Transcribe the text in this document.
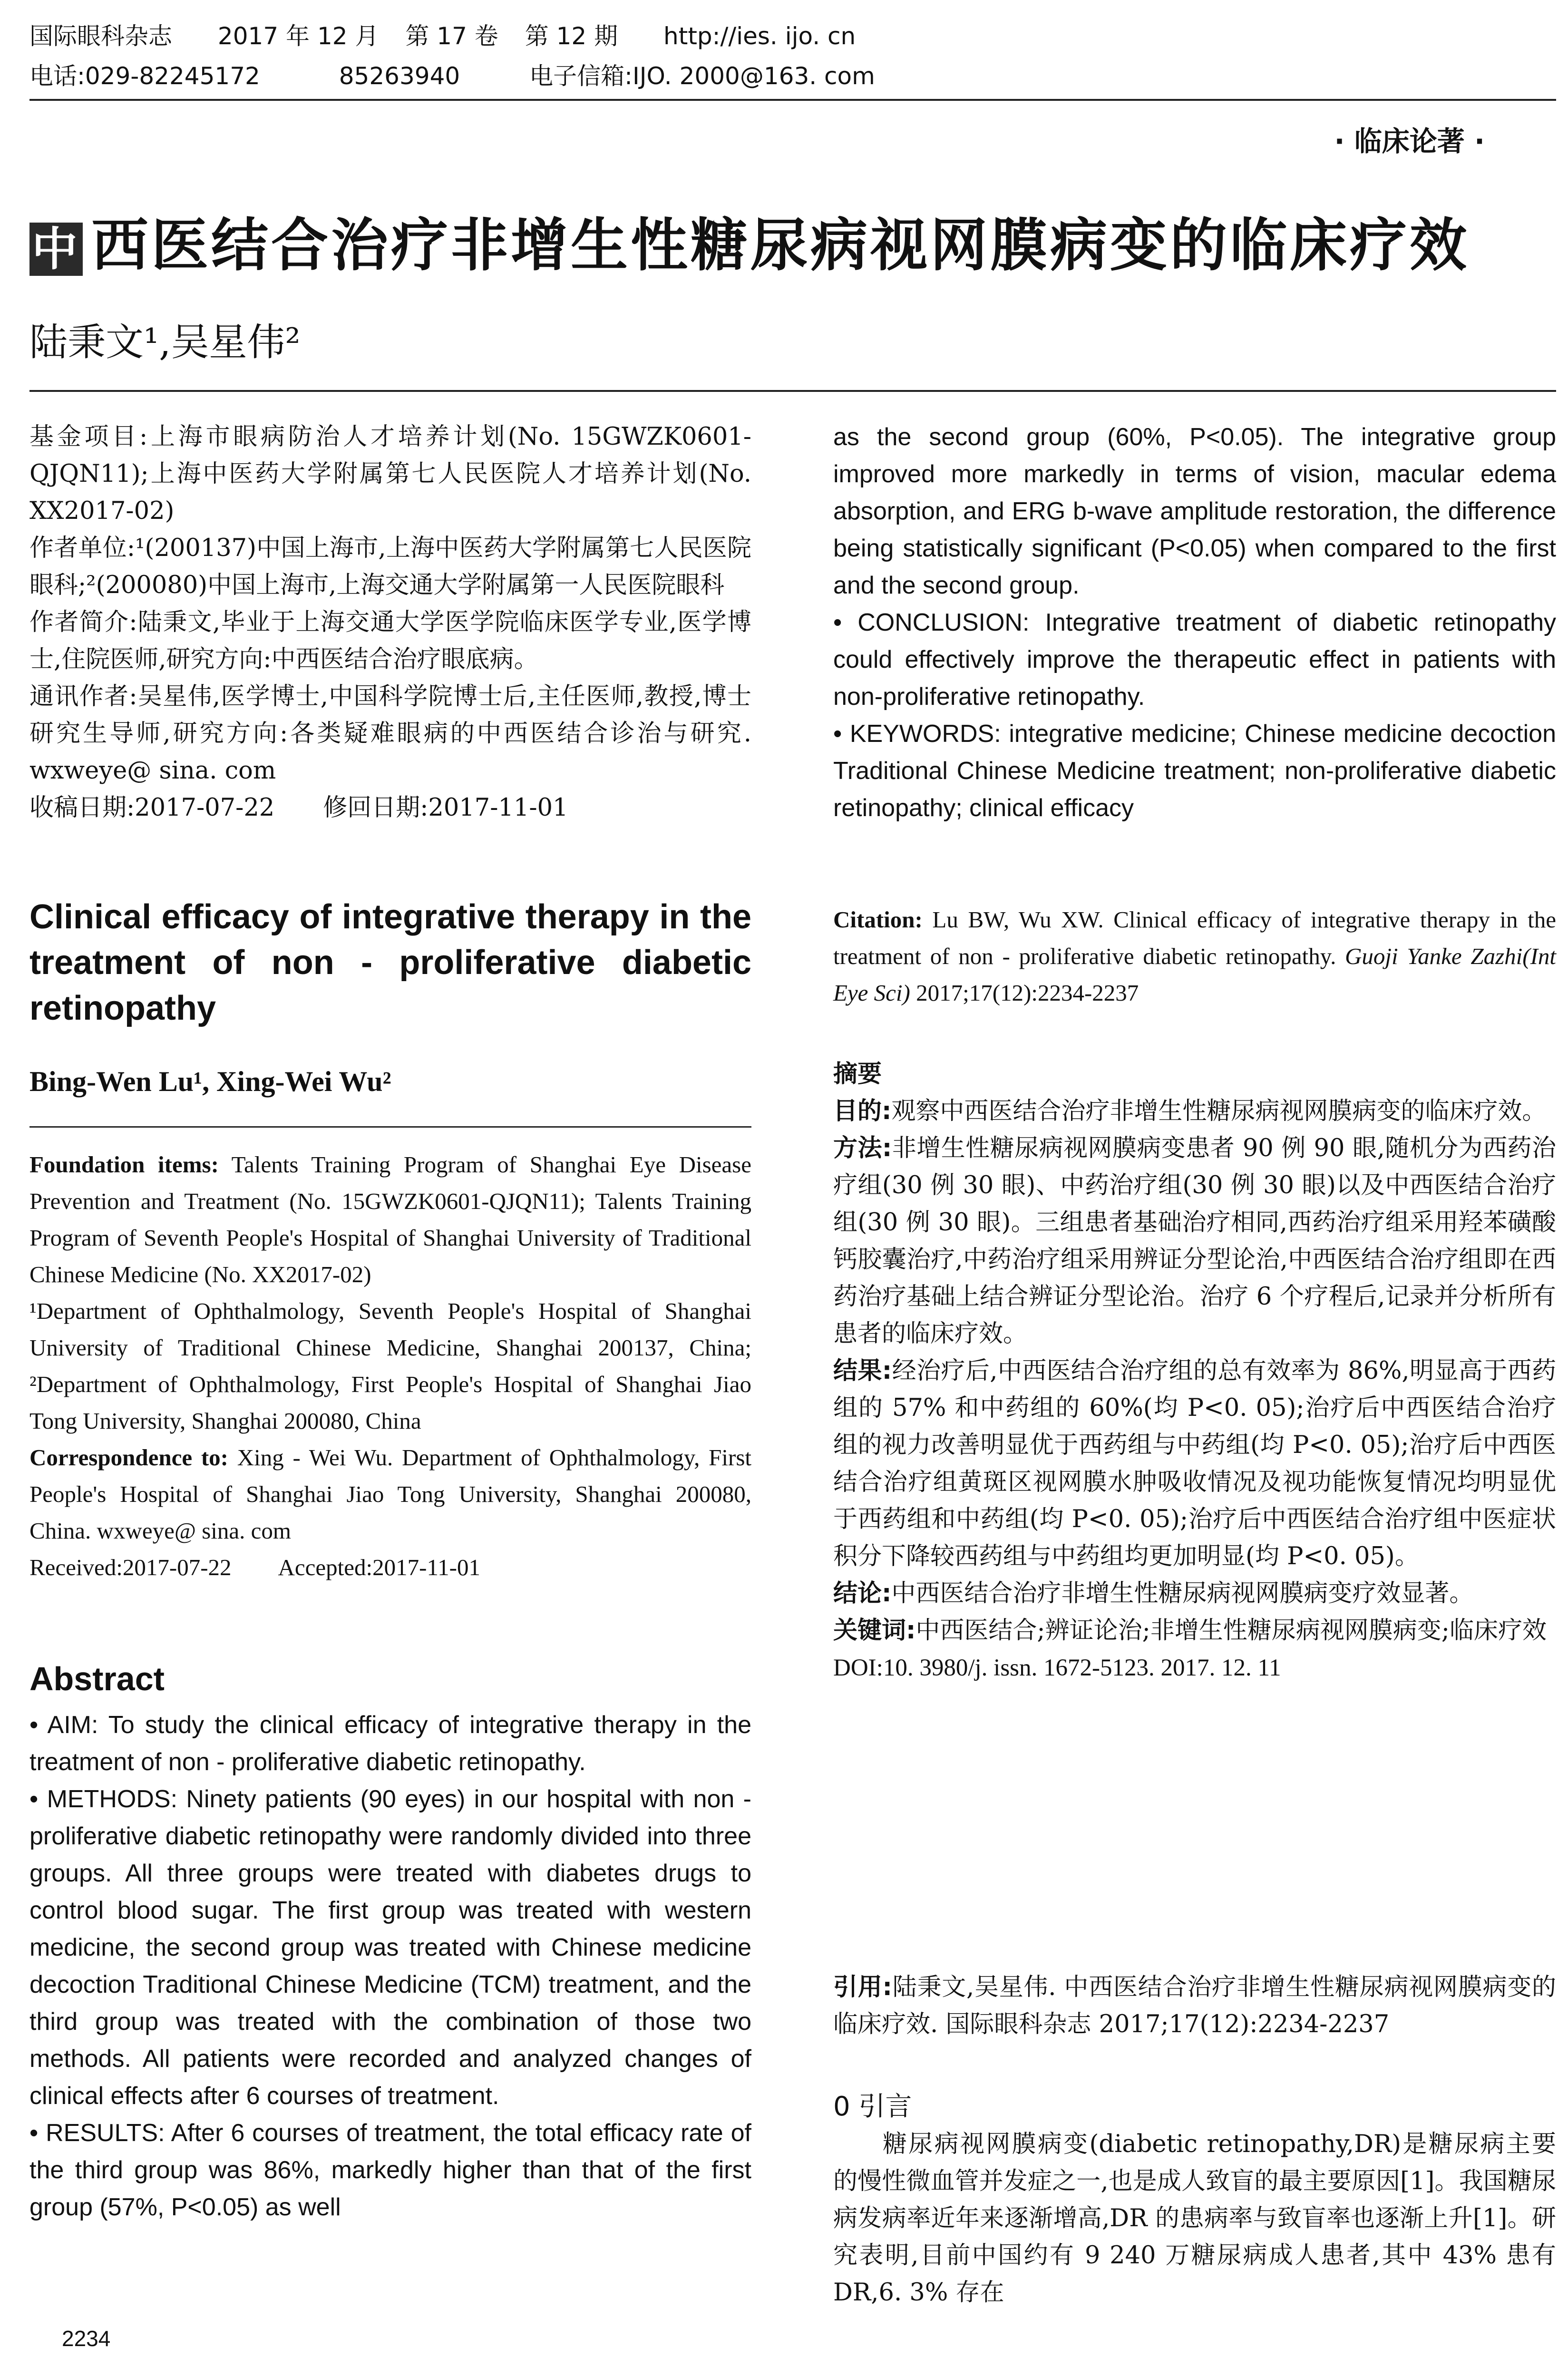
国际眼科杂志 2017 年 12 月 第 17 卷 第 12 期 http://ies. ijo. cn
电话:029-82245172	85263940	电子信箱:IJO. 2000@163. com
· 临床论著 ·
中 西医结合治疗非增生性糖尿病视网膜病变的临床疗效
陆秉文¹,吴星伟²

基金项目:上海市眼病防治人才培养计划(No. 15GWZK0601-QJQN11);上海中医药大学附属第七人民医院人才培养计划(No. XX2017-02)

作者单位:¹(200137)中国上海市,上海中医药大学附属第七人民医院眼科;²(200080)中国上海市,上海交通大学附属第一人民医院眼科

作者简介:陆秉文,毕业于上海交通大学医学院临床医学专业,医学博士,住院医师,研究方向:中西医结合治疗眼底病。

通讯作者:吴星伟,医学博士,中国科学院博士后,主任医师,教授,博士研究生导师,研究方向:各类疑难眼病的中西医结合诊治与研究. wxweye@ sina. com

收稿日期:2017-07-22　　修回日期:2017-11-01

Clinical efficacy of integrative therapy in the treatment of non - proliferative diabetic retinopathy
Bing-Wen Lu¹, Xing-Wei Wu²

Foundation items: Talents Training Program of Shanghai Eye Disease Prevention and Treatment (No. 15GWZK0601-QJQN11); Talents Training Program of Seventh People's Hospital of Shanghai University of Traditional Chinese Medicine (No. XX2017-02)

¹Department of Ophthalmology, Seventh People's Hospital of Shanghai University of Traditional Chinese Medicine, Shanghai 200137, China; ²Department of Ophthalmology, First People's Hospital of Shanghai Jiao Tong University, Shanghai 200080, China

Correspondence to: Xing - Wei Wu. Department of Ophthalmology, First People's Hospital of Shanghai Jiao Tong University, Shanghai 200080, China. wxweye@ sina. com

Received:2017-07-22　　Accepted:2017-11-01

Abstract

• AIM: To study the clinical efficacy of integrative therapy in the treatment of non - proliferative diabetic retinopathy.

• METHODS: Ninety patients (90 eyes) in our hospital with non - proliferative diabetic retinopathy were randomly divided into three groups. All three groups were treated with diabetes drugs to control blood sugar. The first group was treated with western medicine, the second group was treated with Chinese medicine decoction Traditional Chinese Medicine (TCM) treatment, and the third group was treated with the combination of those two methods. All patients were recorded and analyzed changes of clinical effects after 6 courses of treatment.

• RESULTS: After 6 courses of treatment, the total efficacy rate of the third group was 86%, markedly higher than that of the first group (57%, P<0.05) as well

2234

as the second group (60%, P<0.05). The integrative group improved more markedly in terms of vision, macular edema absorption, and ERG b-wave amplitude restoration, the difference being statistically significant (P<0.05) when compared to the first and the second group.

• CONCLUSION: Integrative treatment of diabetic retinopathy could effectively improve the therapeutic effect in patients with non-proliferative retinopathy.

• KEYWORDS: integrative medicine; Chinese medicine decoction Traditional Chinese Medicine treatment; non-proliferative diabetic retinopathy; clinical efficacy

Citation: Lu BW, Wu XW. Clinical efficacy of integrative therapy in the treatment of non - proliferative diabetic retinopathy. Guoji Yanke Zazhi(Int Eye Sci) 2017;17(12):2234-2237

摘要

目的:观察中西医结合治疗非增生性糖尿病视网膜病变的临床疗效。

方法:非增生性糖尿病视网膜病变患者 90 例 90 眼,随机分为西药治疗组(30 例 30 眼)、中药治疗组(30 例 30 眼)以及中西医结合治疗组(30 例 30 眼)。三组患者基础治疗相同,西药治疗组采用羟苯磺酸钙胶囊治疗,中药治疗组采用辨证分型论治,中西医结合治疗组即在西药治疗基础上结合辨证分型论治。治疗 6 个疗程后,记录并分析所有患者的临床疗效。

结果:经治疗后,中西医结合治疗组的总有效率为 86%,明显高于西药组的 57% 和中药组的 60%(均 P<0. 05);治疗后中西医结合治疗组的视力改善明显优于西药组与中药组(均 P<0. 05);治疗后中西医结合治疗组黄斑区视网膜水肿吸收情况及视功能恢复情况均明显优于西药组和中药组(均 P<0. 05);治疗后中西医结合治疗组中医症状积分下降较西药组与中药组均更加明显(均 P<0. 05)。

结论:中西医结合治疗非增生性糖尿病视网膜病变疗效显著。

关键词:中西医结合;辨证论治;非增生性糖尿病视网膜病变;临床疗效

DOI:10. 3980/j. issn. 1672-5123. 2017. 12. 11

引用:陆秉文,吴星伟. 中西医结合治疗非增生性糖尿病视网膜病变的临床疗效. 国际眼科杂志 2017;17(12):2234-2237

0 引言
糖尿病视网膜病变(diabetic retinopathy,DR)是糖尿病主要的慢性微血管并发症之一,也是成人致盲的最主要原因[1]。我国糖尿病发病率近年来逐渐增高,DR 的患病率与致盲率也逐渐上升[1]。研究表明,目前中国约有 9 240 万糖尿病成人患者,其中 43% 患有 DR,6. 3% 存在
